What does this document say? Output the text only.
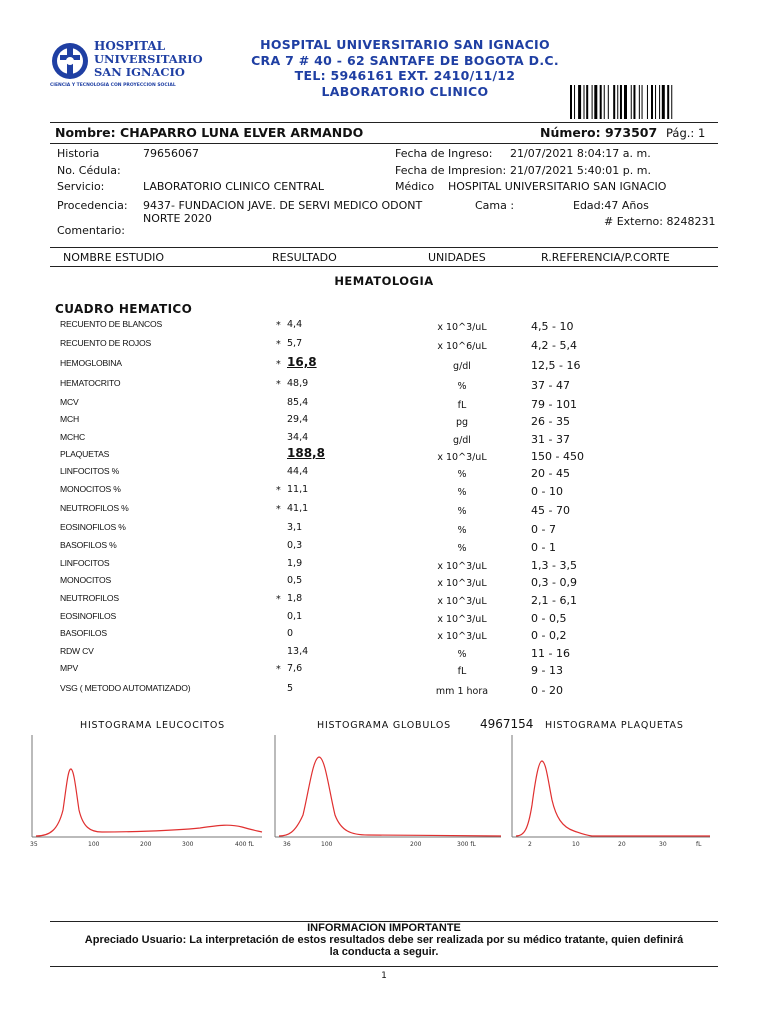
HOSPITAL
UNIVERSITARIO
SAN IGNACIO
CIENCIA Y TECNOLOGIA CON PROYECCION SOCIAL
HOSPITAL UNIVERSITARIO SAN IGNACIO
CRA 7 # 40 - 62 SANTAFE DE BOGOTA D.C.
TEL: 5946161 EXT. 2410/11/12
LABORATORIO CLINICO
Nombre: CHAPARRO LUNA ELVER ARMANDO	Número: 973507 Pág.: 1
Historia	79656067
No. Cédula:
Servicio:	LABORATORIO CLINICO CENTRAL
Procedencia: 9437- FUNDACION JAVE. DE SERVI MEDICO ODONT
NORTE 2020
Comentario:
Fecha de Ingreso: 21/07/2021 8:04:17 a. m.
Fecha de Impresion: 21/07/2021 5:40:01 p. m.
Médico HOSPITAL UNIVERSITARIO SAN IGNACIO
Cama :	Edad:47 Años
# Externo: 8248231
NOMBRE ESTUDIO	RESULTADO	UNIDADES	R.REFERENCIA/P.CORTE
HEMATOLOGIA
CUADRO HEMATICO
RECUENTO DE BLANCOS	* 4,4	x 10^3/uL	4,5 - 10
RECUENTO DE ROJOS	* 5,7	x 10^6/uL	4,2 - 5,4
HEMOGLOBINA	* 16,8	g/dl	12,5 - 16
HEMATOCRITO	* 48,9	%	37 - 47
MCV	85,4	fL	79 - 101
MCH	29,4	pg	26 - 35
MCHC	34,4	g/dl	31 - 37
PLAQUETAS	188,8	x 10^3/uL	150 - 450
LINFOCITOS %	44,4	%	20 - 45
MONOCITOS %	* 11,1	%	0 - 10
NEUTROFILOS %	* 41,1	%	45 - 70
EOSINOFILOS %	3,1	%	0 - 7
BASOFILOS %	0,3	%	0 - 1
LINFOCITOS	1,9	x 10^3/uL	1,3 - 3,5
MONOCITOS	0,5	x 10^3/uL	0,3 - 0,9
NEUTROFILOS	* 1,8	x 10^3/uL	2,1 - 6,1
EOSINOFILOS	0,1	x 10^3/uL	0 - 0,5
BASOFILOS	0	x 10^3/uL	0 - 0,2
RDW CV	13,4	%	11 - 16
MPV	* 7,6	fL	9 - 13
VSG ( METODO AUTOMATIZADO)	5	mm 1 hora	0 - 20
HISTOGRAMA LEUCOCITOS	HISTOGRAMA GLOBULOS 4967154 HISTOGRAMA PLAQUETAS
35	100	200	300	400 fL	36	100	200	300 fL	2	10	20	30	fL
INFORMACION IMPORTANTE
Apreciado Usuario: La interpretación de estos resultados debe ser realizada por su médico tratante, quien definirá
la conducta a seguir.
1
